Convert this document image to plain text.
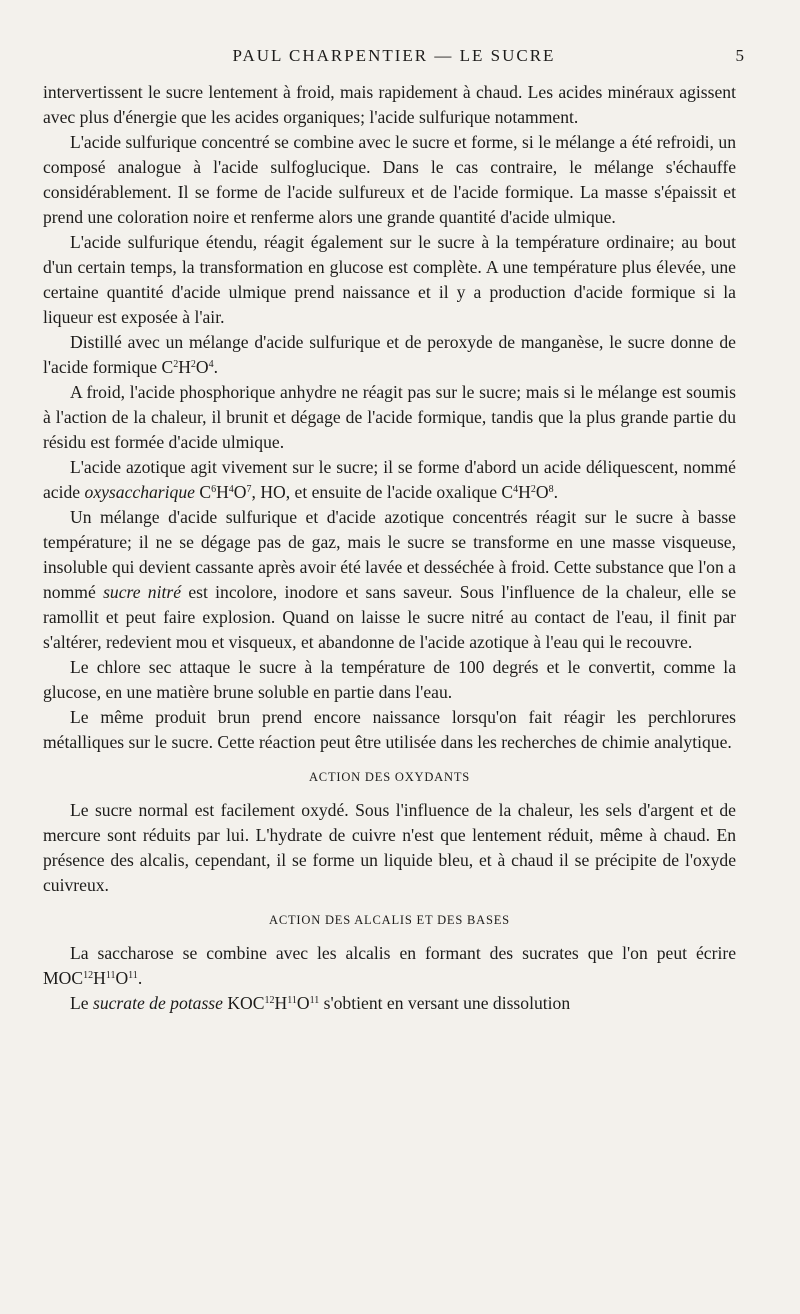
PAUL CHARPENTIER — LE SUCRE	5

intervertissent le sucre lentement à froid, mais rapidement à chaud. Les acides minéraux agissent avec plus d'énergie que les acides organiques; l'acide sulfurique notamment.

L'acide sulfurique concentré se combine avec le sucre et forme, si le mélange a été refroidi, un composé analogue à l'acide sulfoglucique. Dans le cas contraire, le mélange s'échauffe considérablement. Il se forme de l'acide sulfureux et de l'acide formique. La masse s'épaissit et prend une coloration noire et renferme alors une grande quantité d'acide ulmique.

L'acide sulfurique étendu, réagit également sur le sucre à la température ordinaire; au bout d'un certain temps, la transformation en glucose est complète. A une température plus élevée, une certaine quantité d'acide ulmique prend naissance et il y a production d'acide formique si la liqueur est exposée à l'air.

Distillé avec un mélange d'acide sulfurique et de peroxyde de manganèse, le sucre donne de l'acide formique $C^2H^2O^4$.

A froid, l'acide phosphorique anhydre ne réagit pas sur le sucre; mais si le mélange est soumis à l'action de la chaleur, il brunit et dégage de l'acide formique, tandis que la plus grande partie du résidu est formée d'acide ulmique.

L'acide azotique agit vivement sur le sucre; il se forme d'abord un acide déliquescent, nommé acide oxysaccharique $C^6H^4O^7$, HO, et ensuite de l'acide oxalique $C^4H^2O^8$.

Un mélange d'acide sulfurique et d'acide azotique concentrés réagit sur le sucre à basse température; il ne se dégage pas de gaz, mais le sucre se transforme en une masse visqueuse, insoluble qui devient cassante après avoir été lavée et desséchée à froid. Cette substance que l'on a nommé sucre nitré est incolore, inodore et sans saveur. Sous l'influence de la chaleur, elle se ramollit et peut faire explosion. Quand on laisse le sucre nitré au contact de l'eau, il finit par s'altérer, redevient mou et visqueux, et abandonne de l'acide azotique à l'eau qui le recouvre.

Le chlore sec attaque le sucre à la température de 100 degrés et le convertit, comme la glucose, en une matière brune soluble en partie dans l'eau.

Le même produit brun prend encore naissance lorsqu'on fait réagir les perchlorures métalliques sur le sucre. Cette réaction peut être utilisée dans les recherches de chimie analytique.

ACTION DES OXYDANTS

Le sucre normal est facilement oxydé. Sous l'influence de la chaleur, les sels d'argent et de mercure sont réduits par lui. L'hydrate de cuivre n'est que lentement réduit, même à chaud. En présence des alcalis, cependant, il se forme un liquide bleu, et à chaud il se précipite de l'oxyde cuivreux.

ACTION DES ALCALIS ET DES BASES

La saccharose se combine avec les alcalis en formant des sucrates que l'on peut écrire $MOC^{12}H^{11}O^{11}$.

Le sucrate de potasse $KOC^{12}H^{11}O^{11}$ s'obtient en versant une dissolution
